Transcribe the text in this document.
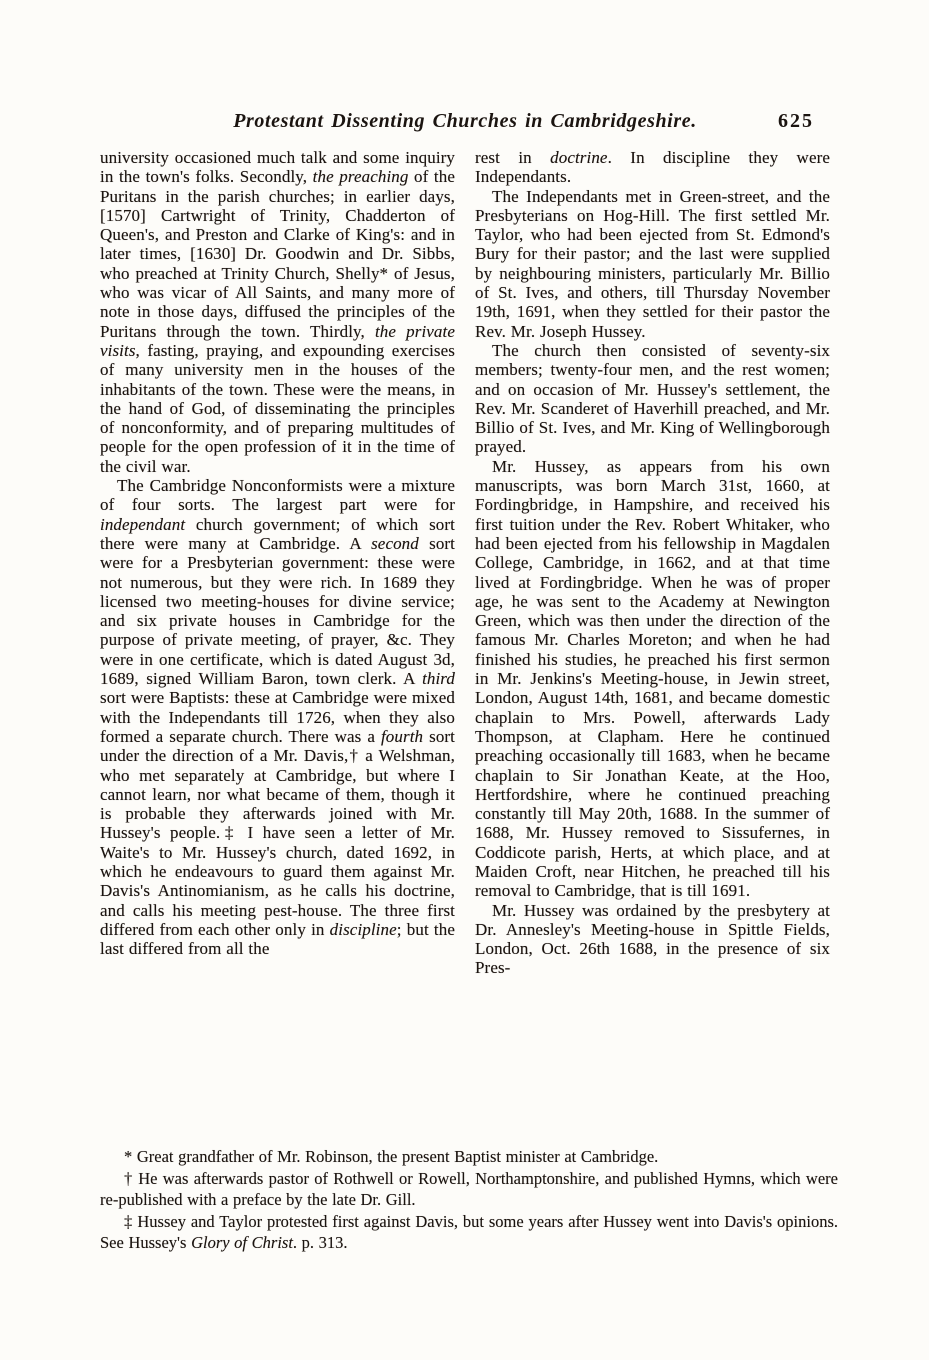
Protestant Dissenting Churches in Cambridgeshire.	625

university occasioned much talk and some inquiry in the town's folks. Secondly, the preaching of the Puritans in the parish churches; in earlier days, [1570] Cartwright of Trinity, Chadderton of Queen's, and Preston and Clarke of King's: and in later times, [1630] Dr. Goodwin and Dr. Sibbs, who preached at Trinity Church, Shelly* of Jesus, who was vicar of All Saints, and many more of note in those days, diffused the principles of the Puritans through the town. Thirdly, the private visits, fasting, praying, and expounding exercises of many university men in the houses of the inhabitants of the town. These were the means, in the hand of God, of disseminating the principles of nonconformity, and of preparing multitudes of people for the open profession of it in the time of the civil war.

The Cambridge Nonconformists were a mixture of four sorts. The largest part were for independant church government; of which sort there were many at Cambridge. A second sort were for a Presbyterian government: these were not numerous, but they were rich. In 1689 they licensed two meeting-houses for divine service; and six private houses in Cambridge for the purpose of private meeting, of prayer, &c. They were in one certificate, which is dated August 3d, 1689, signed William Baron, town clerk. A third sort were Baptists: these at Cambridge were mixed with the Independants till 1726, when they also formed a separate church. There was a fourth sort under the direction of a Mr. Davis,† a Welshman, who met separately at Cambridge, but where I cannot learn, nor what became of them, though it is probable they afterwards joined with Mr. Hussey's people.‡ I have seen a letter of Mr. Waite's to Mr. Hussey's church, dated 1692, in which he endeavours to guard them against Mr. Davis's Antinomianism, as he calls his doctrine, and calls his meeting pest-house. The three first differed from each other only in discipline; but the last differed from all the

rest in doctrine. In discipline they were Independants.

The Independants met in Green-street, and the Presbyterians on Hog-Hill. The first settled Mr. Taylor, who had been ejected from St. Edmond's Bury for their pastor; and the last were supplied by neighbouring ministers, particularly Mr. Billio of St. Ives, and others, till Thursday November 19th, 1691, when they settled for their pastor the Rev. Mr. Joseph Hussey.

The church then consisted of seventy-six members; twenty-four men, and the rest women; and on occasion of Mr. Hussey's settlement, the Rev. Mr. Scanderet of Haverhill preached, and Mr. Billio of St. Ives, and Mr. King of Wellingborough prayed.

Mr. Hussey, as appears from his own manuscripts, was born March 31st, 1660, at Fordingbridge, in Hampshire, and received his first tuition under the Rev. Robert Whitaker, who had been ejected from his fellowship in Magdalen College, Cambridge, in 1662, and at that time lived at Fordingbridge. When he was of proper age, he was sent to the Academy at Newington Green, which was then under the direction of the famous Mr. Charles Moreton; and when he had finished his studies, he preached his first sermon in Mr. Jenkins's Meeting-house, in Jewin street, London, August 14th, 1681, and became domestic chaplain to Mrs. Powell, afterwards Lady Thompson, at Clapham. Here he continued preaching occasionally till 1683, when he became chaplain to Sir Jonathan Keate, at the Hoo, Hertfordshire, where he continued preaching constantly till May 20th, 1688. In the summer of 1688, Mr. Hussey removed to Sissufernes, in Coddicote parish, Herts, at which place, and at Maiden Croft, near Hitchen, he preached till his removal to Cambridge, that is till 1691.

Mr. Hussey was ordained by the presbytery at Dr. Annesley's Meeting-house in Spittle Fields, London, Oct. 26th 1688, in the presence of six Pres-

* Great grandfather of Mr. Robinson, the present Baptist minister at Cambridge.

† He was afterwards pastor of Rothwell or Rowell, Northamptonshire, and published Hymns, which were re-published with a preface by the late Dr. Gill.

‡ Hussey and Taylor protested first against Davis, but some years after Hussey went into Davis's opinions. See Hussey's Glory of Christ. p. 313.
